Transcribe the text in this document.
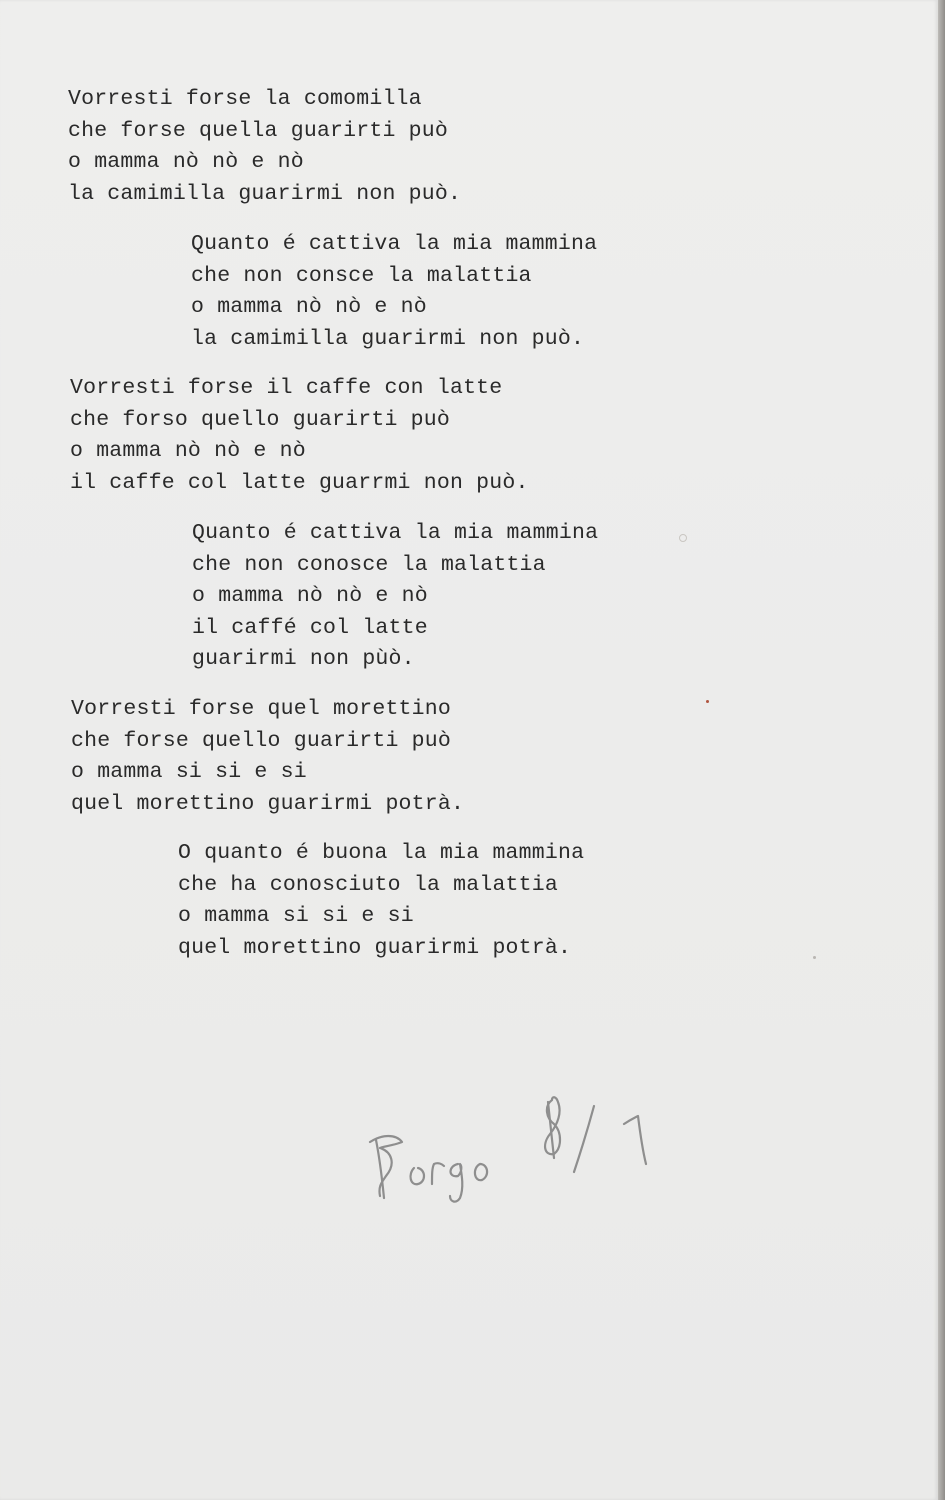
Vorresti forse la comomilla
che forse quella guarirti può
o mamma nò nò e nò
la camimilla guarirmi non può.
Quanto é cattiva la mia mammina
che non consce la malattia
o mamma nò nò e nò
la camimilla guarirmi non può.
Vorresti forse il caffe con latte
che forso quello guarirti può
o mamma nò nò e nò
il caffe col latte guarrmi non può.
Quanto é cattiva la mia mammina
che non conosce la malattia
o mamma nò nò e nò
il caffé col latte
guarirmi non pùò.
Vorresti forse quel morettino
che forse quello guarirti può
o mamma si si e si
quel morettino guarirmi potrà.
O quanto é buona la mia mammina
che ha conosciuto la malattia
o mamma si si e si
quel morettino guarirmi potrà.
